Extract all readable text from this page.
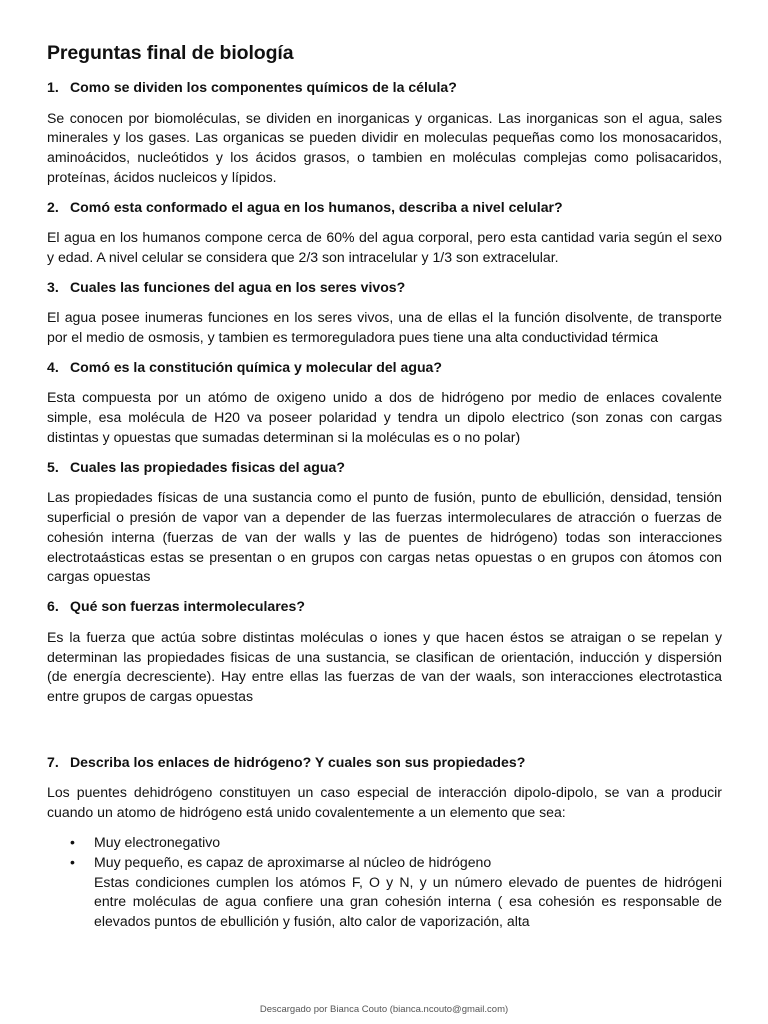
Preguntas final de biología
1. Como se dividen los componentes químicos de la célula?

Se conocen por biomoléculas, se dividen en inorganicas y organicas. Las inorganicas son el agua, sales minerales y los gases. Las organicas se pueden dividir en moleculas pequeñas como los monosacaridos, aminoácidos, nucleótidos y los ácidos grasos, o tambien en moléculas complejas como polisacaridos, proteínas, ácidos nucleicos y lípidos.

2. Comó esta conformado el agua en los humanos, describa a nivel celular?

El agua en los humanos compone cerca de 60% del agua corporal, pero esta cantidad varia según el sexo y edad. A nivel celular se considera que 2/3 son intracelular y 1/3 son extracelular.

3. Cuales las funciones del agua en los seres vivos?

El agua posee inumeras funciones en los seres vivos, una de ellas el la función disolvente, de transporte por el medio de osmosis, y tambien es termoreguladora pues tiene una alta conductividad térmica

4. Comó es la constitución química y molecular del agua?

Esta compuesta por un atómo de oxigeno unido a dos de hidrógeno por medio de enlaces covalente simple, esa molécula de H20 va poseer polaridad y tendra un dipolo electrico (son zonas con cargas distintas y opuestas que sumadas determinan si la moléculas es o no polar)

5. Cuales las propiedades fisicas del agua?

Las propiedades físicas de una sustancia como el punto de fusión, punto de ebullición, densidad, tensión superficial o presión de vapor van a depender de las fuerzas intermoleculares de atracción o fuerzas de cohesión interna (fuerzas de van der walls y las de puentes de hidrógeno) todas son interacciones electrotaásticas estas se presentan o en grupos con cargas netas opuestas o en grupos con átomos con cargas opuestas

6. Qué son fuerzas intermoleculares?

Es la fuerza que actúa sobre distintas moléculas o iones y que hacen éstos se atraigan o se repelan y determinan las propiedades fisicas de una sustancia, se clasifican de orientación, inducción y dispersión (de energía decresciente). Hay entre ellas las fuerzas de van der waals, son interacciones electrotastica entre grupos de cargas opuestas

7. Describa los enlaces de hidrógeno? Y cuales son sus propiedades?

Los puentes dehidrógeno constituyen un caso especial de interacción dipolo-dipolo, se van a producir cuando un atomo de hidrógeno está unido covalentemente a un elemento que sea:

• Muy electronegativo
• Muy pequeño, es capaz de aproximarse al núcleo de hidrógeno
Estas condiciones cumplen los atómos F, O y N, y un número elevado de puentes de hidrógeni entre moléculas de agua confiere una gran cohesión interna ( esa cohesión es responsable de elevados puntos de ebullición y fusión, alto calor de vaporización, alta
Descargado por Bianca Couto (bianca.ncouto@gmail.com)
